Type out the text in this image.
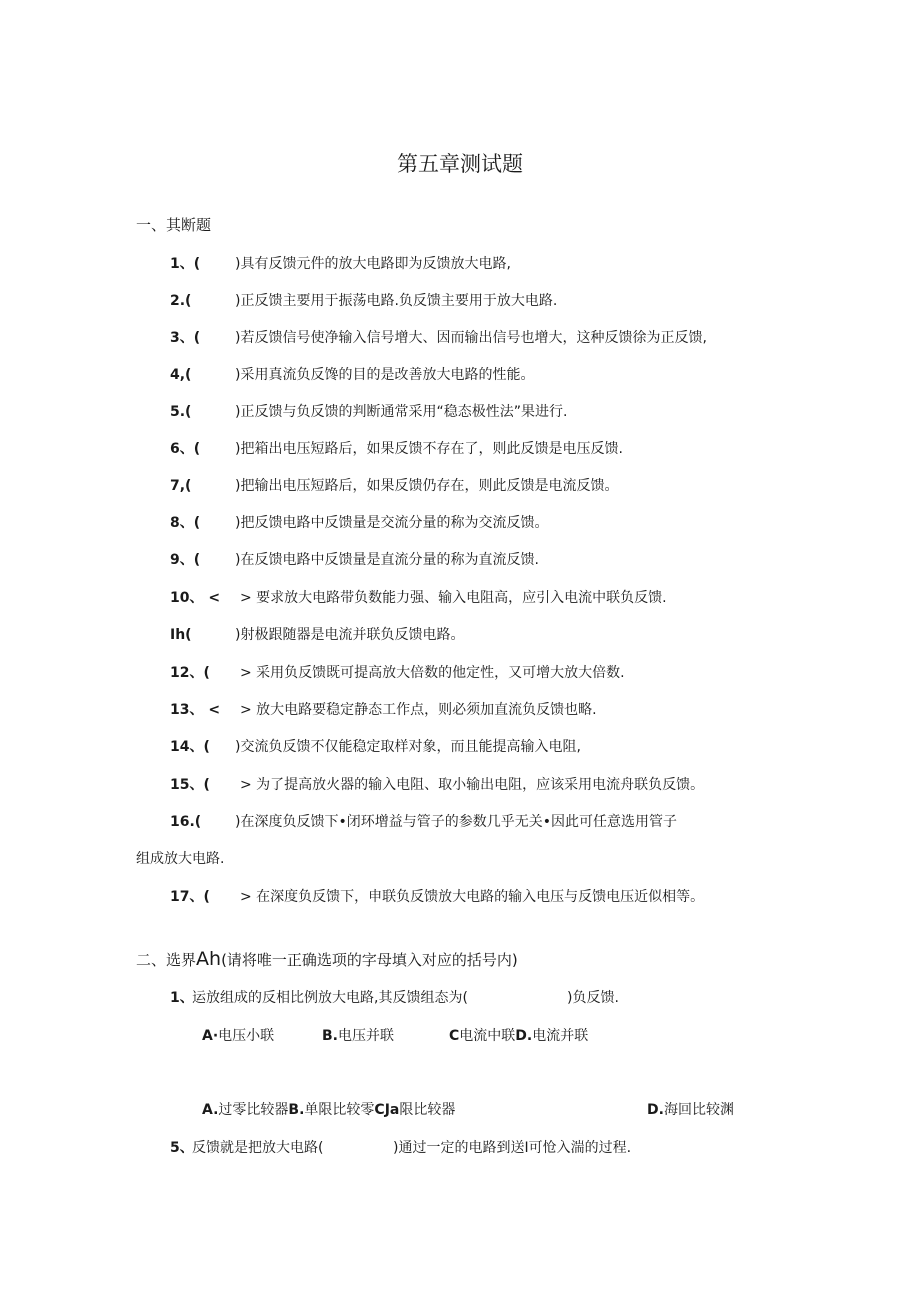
第五章测试题
一、其断题
1、( )具有反馈元件的放大电路即为反馈放大电路,
2.(	)正反馈主要用于振荡电路.负反馈主要用于放大电路.
3、( )若反馈信号使净输入信号增大、因而输出信号也增大，这种反馈徐为正反馈,
4,(	)采用真流负反馋的目的是改善放大电路的性能。
5.(	)正反馈与负反馈的判断通常采用“稳态极性法”果进行.
6、( )把箱出电压短路后，如果反馈不存在了，则此反馈是电压反馈.
7,(	)把输出电压短路后，如果反馈仍存在，则此反馈是电流反馈。
8、( )把反馈电路中反馈量是交流分量的称为交流反馈。
9、( )在反馈电路中反馈量是直流分量的称为直流反馈.
10、 < > 要求放大电路带负数能力强、输入电阻高，应引入电流中联负反馈.
Ih(	)射极跟随器是电流并联负反馈电路。
12、( > 采用负反馈既可提高放大倍数的他定性，又可增大放大倍数.
13、 < > 放大电路要稳定静态工作点，则必须加直流负反馈也略.
14、( )交流负反馈不仅能稳定取样对象，而且能提高输入电阻,
15、( > 为了提高放火器的输入电阻、取小输出电阻，应该采用电流舟联负反馈。
16.( )在深度负反馈下•闭环增益与管子的参数几乎无关•因此可任意选用管子
组成放大电路.
17、( > 在深度负反馈下，申联负反馈放大电路的输入电压与反馈电压近似相等。
二、选界Ah(请将唯一正确选项的字母填入对应的括号内)
1、
运放组成的反相比例放大电路,其反馈组态为(	)负反馈.
A·电压小联	B.电压并联	C电流中联D.电流并联
A.过零比较器B.单限比较零CJa限比较器	D.海回比较渊
5、
反馈就是把放大电路(	)通过一定的电路到送I可怆入湍的过程.
